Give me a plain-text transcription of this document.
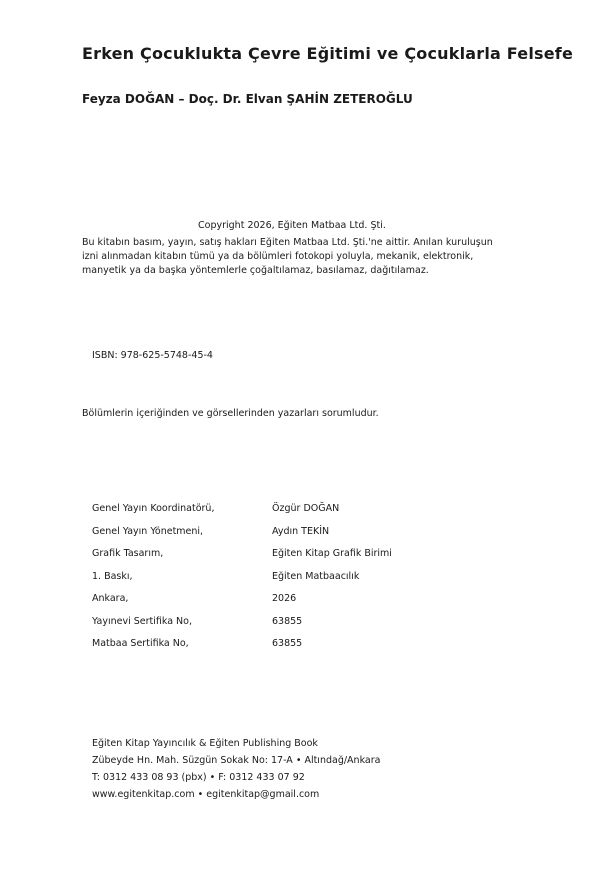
Erken Çocuklukta Çevre Eğitimi ve Çocuklarla Felsefe
Feyza DOĞAN – Doç. Dr. Elvan ŞAHİN ZETEROĞLU
Copyright 2026, Eğiten Matbaa Ltd. Şti.
Bu kitabın basım, yayın, satış hakları Eğiten Matbaa Ltd. Şti.'ne aittir. Anılan kuruluşun
izni alınmadan kitabın tümü ya da bölümleri fotokopi yoluyla, mekanik, elektronik,
manyetik ya da başka yöntemlerle çoğaltılamaz, basılamaz, dağıtılamaz.
ISBN: 978-625-5748-45-4
Bölümlerin içeriğinden ve görsellerinden yazarları sorumludur.
Genel Yayın Koordinatörü,	Özgür DOĞAN
Genel Yayın Yönetmeni,	Aydın TEKİN
Grafik Tasarım,	Eğiten Kitap Grafik Birimi
1. Baskı,	Eğiten Matbaacılık
Ankara,	2026
Yayınevi Sertifika No,	63855
Matbaa Sertifika No,	63855
Eğiten Kitap Yayıncılık & Eğiten Publishing Book
Zübeyde Hn. Mah. Süzgün Sokak No: 17-A • Altındağ/Ankara
T: 0312 433 08 93 (pbx) • F: 0312 433 07 92
www.egitenkitap.com • egitenkitap@gmail.com
